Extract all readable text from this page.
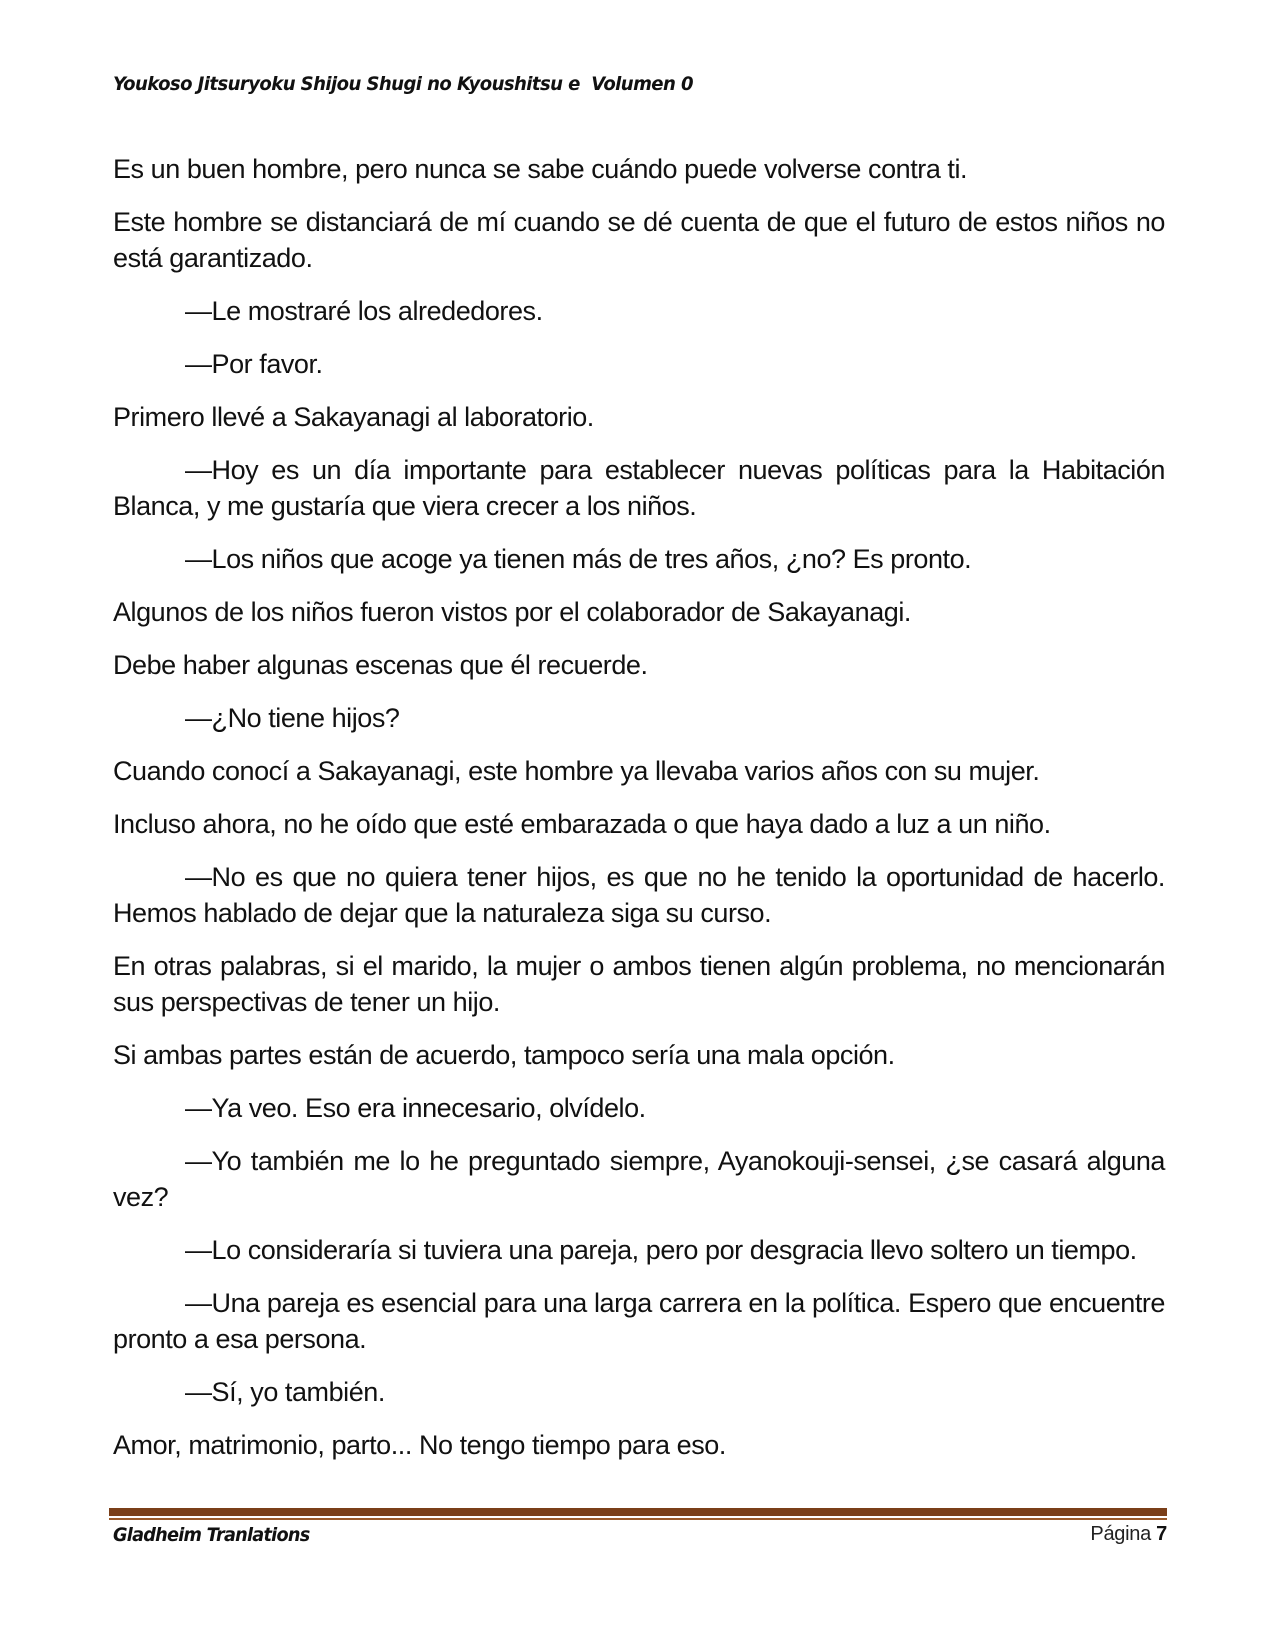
Youkoso Jitsuryoku Shijou Shugi no Kyoushitsu e  Volumen 0

Es un buen hombre, pero nunca se sabe cuándo puede volverse contra ti.

Este hombre se distanciará de mí cuando se dé cuenta de que el futuro de estos niños no está garantizado.

—Le mostraré los alrededores.

—Por favor.

Primero llevé a Sakayanagi al laboratorio.

—Hoy es un día importante para establecer nuevas políticas para la Habitación Blanca, y me gustaría que viera crecer a los niños.

—Los niños que acoge ya tienen más de tres años, ¿no? Es pronto.

Algunos de los niños fueron vistos por el colaborador de Sakayanagi.

Debe haber algunas escenas que él recuerde.

—¿No tiene hijos?

Cuando conocí a Sakayanagi, este hombre ya llevaba varios años con su mujer.

Incluso ahora, no he oído que esté embarazada o que haya dado a luz a un niño.

—No es que no quiera tener hijos, es que no he tenido la oportunidad de hacerlo. Hemos hablado de dejar que la naturaleza siga su curso.

En otras palabras, si el marido, la mujer o ambos tienen algún problema, no mencionarán sus perspectivas de tener un hijo.

Si ambas partes están de acuerdo, tampoco sería una mala opción.

—Ya veo. Eso era innecesario, olvídelo.

—Yo también me lo he preguntado siempre, Ayanokouji-sensei, ¿se casará alguna vez?

—Lo consideraría si tuviera una pareja, pero por desgracia llevo soltero un tiempo.

—Una pareja es esencial para una larga carrera en la política. Espero que encuentre pronto a esa persona.

—Sí, yo también.

Amor, matrimonio, parto... No tengo tiempo para eso.

Gladheim Tranlations	Página 7
